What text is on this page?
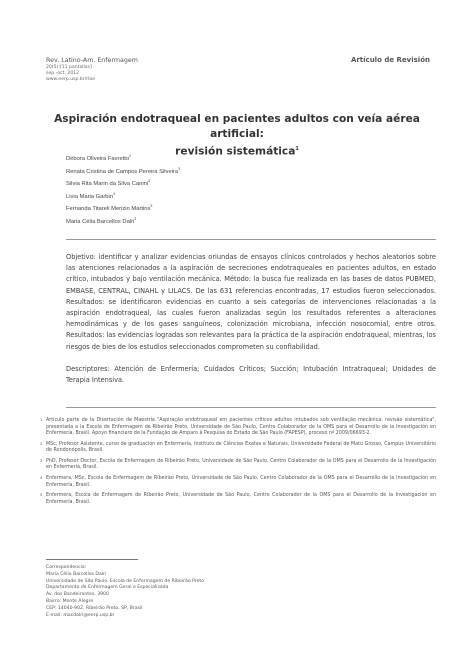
Rev. Latino-Am. Enfermagem
20(5):[11 pantallas]
sep.-oct. 2012
www.eerp.usp.br/rlae
Artículo de Revisión
Aspiración endotraqueal en pacientes adultos con veía aérea artificial:
revisión sistemática$^1$
Débora Oliveira Favretto$^2$
Renata Cristina de Campos Pereira Silveira$^3$
Silvia Rita Marin da Silva Canini$^3$
Livia Maria Garbin$^4$
Fernanda Titareli Merizio Martins$^5$
Maria Célia Barcellos Dalri$^3$

Objetivo: identificar y analizar evidencias oriundas de ensayos clínicos controlados y hechos aleatorios sobre las atenciones relacionados a la aspiración de secreciones endotraqueales en pacientes adultos, en estado crítico, intubados y bajo ventilación mecánica. Método: la busca fue realizada en las bases de datos PUBMED, EMBASE, CENTRAL, CINAHL y LILACS. De las 631 referencias encontradas, 17 estudios fueron seleccionados. Resultados: se identificaron evidencias en cuanto a seis categorías de intervenciones relacionadas a la aspiración endotraqueal, las cuales fueron analizadas según los resultados referentes a alteraciones hemodinámicas y de los gases sanguíneos, colonización microbiana, infección nosocomial, entre otros. Resultados: las evidencias logradas son relevantes para la práctica de la aspiración endotraqueal, mientras, los riesgos de bies de los estudios seleccionados comprometen su confiabilidad.

Descriptores: Atención de Enfermería; Cuidados Críticos; Succión; Intubación Intratraqueal; Unidades de Terapia Intensiva.

1 Artículo parte de la Disertación de Maestría "Aspiração endotraqueal em pacientes críticos adultos intubados sob ventilação mecânica: revisão sistemática", presentada a la Escola de Enfermagem de Ribeirão Preto, Universidade de São Paulo, Centro Colaborador de la OMS para el Desarrollo de la Investigación en Enfermería, Brasil. Apoyo financiero de la Fundação de Amparo à Pesquisa do Estado de São Paulo (FAPESP), proceso nº 2009/06693-2.
2 MSc, Profesor Asistente, curso de graduación en Enfermería, Instituto de Ciências Exatas e Naturais, Universidade Federal de Mato Grosso, Campus Universitário de Rondonópolis, Brasil.
3 PhD, Profesor Doctor, Escola de Enfermagem de Ribeirão Preto, Universidade de São Paulo, Centro Colaborador de la OMS para el Desarrollo de la Investigación en Enfermería, Brasil.
4 Enfermera, MSc, Escola de Enfermagem de Ribeirão Preto, Universidade de São Paulo, Centro Colaborador de la OMS para el Desarrollo de la Investigación en Enfermería, Brasil.
5 Enfermera, Escola de Enfermagem de Ribeirão Preto, Universidade de São Paulo, Centro Colaborador de la OMS para el Desarrollo de la Investigación en Enfermería, Brasil.
Correspondencia:
Maria Célia Barcellos Dalri
Universidade de São Paulo. Escola de Enfermagem de Ribeirão Preto
Departamento de Enfermagem Geral e Especializada
Av. dos Bandeirantes, 3900
Bairro: Monte Alegre
CEP: 14040-902, Ribeirão Preto, SP, Brasil
E-mail: macdalri@eerp.usp.br
